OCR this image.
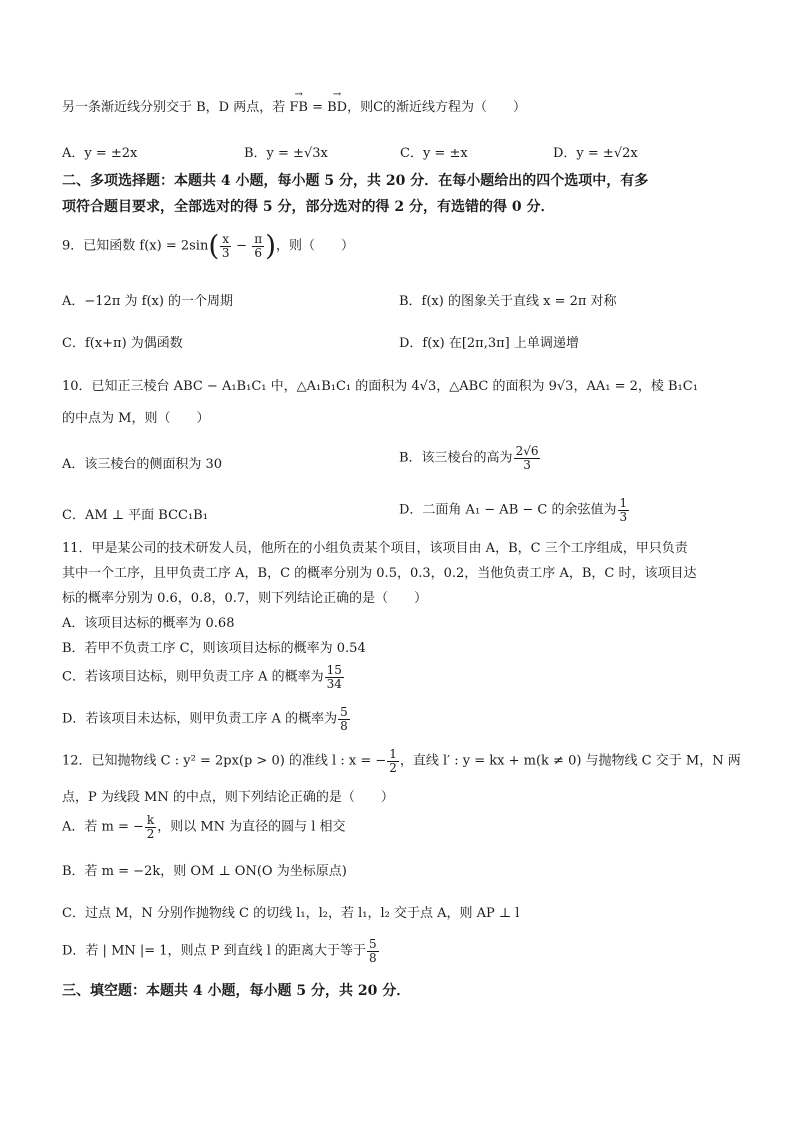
另一条渐近线分别交于 B，D 两点，若 → FB = → BD，则C的渐近线方程为（　　）
A．y = ±2x	B．y = ±√3x	C．y = ±x	D．y = ±√2x
二、多项选择题：本题共 4 小题，每小题 5 分，共 20 分．在每小题给出的四个选项中，有多
项符合题目要求，全部选对的得 5 分，部分选对的得 2 分，有选错的得 0 分．
9．已知函数 $f(x) = 2\sin( \frac{x}{3} - \frac{\pi}{6}$ )，则（　　）
A．−12π 为 f(x) 的一个周期	B．f(x) 的图象关于直线 x = 2π 对称
C．f(x+π) 为偶函数	D．f(x) 在[2π,3π] 上单调递增
10．已知正三棱台 ABC − A₁B₁C₁ 中，△A₁B₁C₁ 的面积为 4√3，△ABC 的面积为 9√3，AA₁ = 2，棱 B₁C₁
的中点为 M，则（　　）
A．该三棱台的侧面积为 30	B．该三棱台的高为 $\frac{2√6}{3}$
C．AM ⊥ 平面 BCC₁B₁	D．二面角 A₁ − AB − C 的余弦值为 $\frac{1}{3}$
11．甲是某公司的技术研发人员，他所在的小组负责某个项目，该项目由 A，B，C 三个工序组成，甲只负责
其中一个工序，且甲负责工序 A，B，C 的概率分别为 0.5，0.3，0.2，当他负责工序 A，B，C 时，该项目达
标的概率分别为 0.6，0.8，0.7，则下列结论正确的是（　　）
A．该项目达标的概率为 0.68
B．若甲不负责工序 C，则该项目达标的概率为 0.54
C．若该项目达标，则甲负责工序 A 的概率为 $\frac{15}{34}$
D．若该项目未达标，则甲负责工序 A 的概率为 $\frac{5}{8}$
12．已知抛物线 C : y² = 2px(p > 0) 的准线 l : x = − $\frac{1}{2}$ ，直线 l′ : y = kx + m(k ≠ 0) 与抛物线 C 交于 M，N 两
点，P 为线段 MN 的中点，则下列结论正确的是（　　）
A．若 m = − $\frac{k}{2}$ ，则以 MN 为直径的圆与 l 相交
B．若 m = −2k，则 OM ⊥ ON(O 为坐标原点)
C．过点 M，N 分别作抛物线 C 的切线 l₁，l₂，若 l₁，l₂ 交于点 A，则 AP ⊥ l
D．若 | MN |= 1，则点 P 到直线 l 的距离大于等于 $\frac{5}{8}$
三、填空题：本题共 4 小题，每小题 5 分，共 20 分．
